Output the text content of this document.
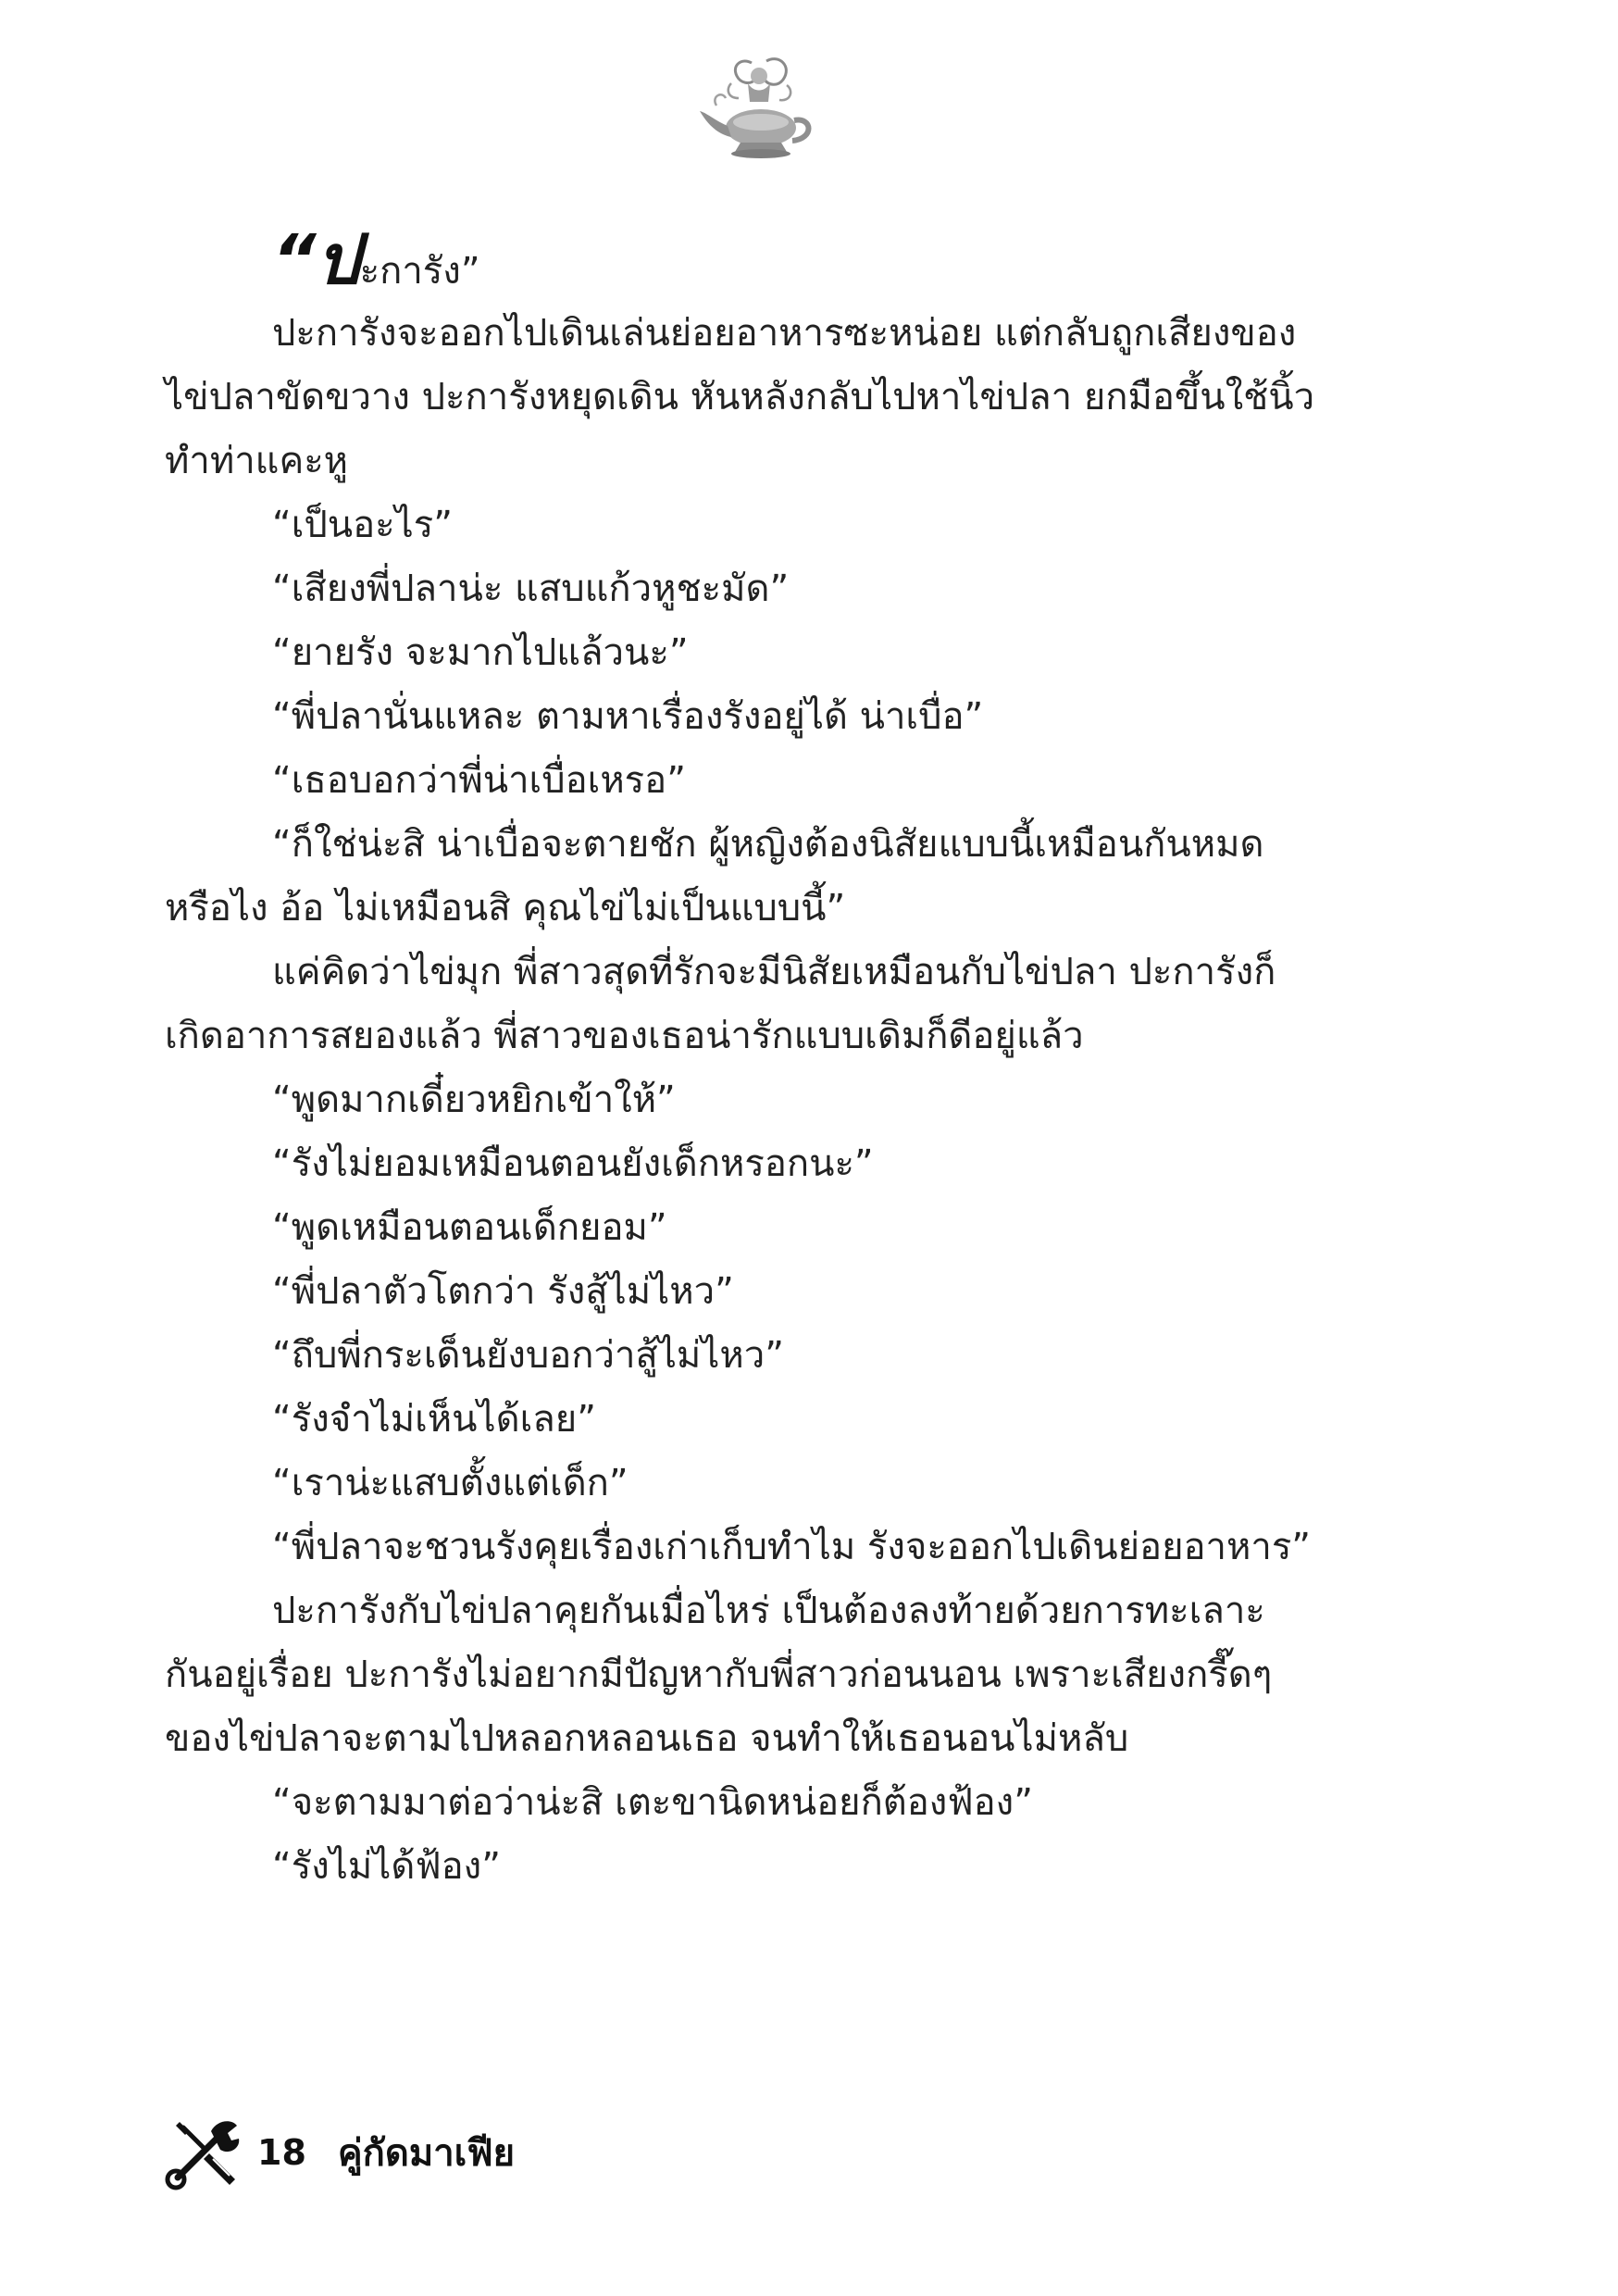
“ปะการัง”
ปะการังจะออกไปเดินเล่นย่อยอาหารซะหน่อย แต่กลับถูกเสียงของ
ไข่ปลาขัดขวาง ปะการังหยุดเดิน หันหลังกลับไปหาไข่ปลา ยกมือขึ้นใช้นิ้ว
ทำท่าแคะหู
“เป็นอะไร”
“เสียงพี่ปลาน่ะ แสบแก้วหูชะมัด”
“ยายรัง จะมากไปแล้วนะ”
“พี่ปลานั่นแหละ ตามหาเรื่องรังอยู่ได้ น่าเบื่อ”
“เธอบอกว่าพี่น่าเบื่อเหรอ”
“ก็ใช่น่ะสิ น่าเบื่อจะตายชัก ผู้หญิงต้องนิสัยแบบนี้เหมือนกันหมด
หรือไง อ้อ ไม่เหมือนสิ คุณไข่ไม่เป็นแบบนี้”
แค่คิดว่าไข่มุก พี่สาวสุดที่รักจะมีนิสัยเหมือนกับไข่ปลา ปะการังก็
เกิดอาการสยองแล้ว พี่สาวของเธอน่ารักแบบเดิมก็ดีอยู่แล้ว
“พูดมากเดี๋ยวหยิกเข้าให้”
“รังไม่ยอมเหมือนตอนยังเด็กหรอกนะ”
“พูดเหมือนตอนเด็กยอม”
“พี่ปลาตัวโตกว่า รังสู้ไม่ไหว”
“ถึบพี่กระเด็นยังบอกว่าสู้ไม่ไหว”
“รังจำไม่เห็นได้เลย”
“เราน่ะแสบตั้งแต่เด็ก”
“พี่ปลาจะชวนรังคุยเรื่องเก่าเก็บทำไม รังจะออกไปเดินย่อยอาหาร”
ปะการังกับไข่ปลาคุยกันเมื่อไหร่ เป็นต้องลงท้ายด้วยการทะเลาะ
กันอยู่เรื่อย ปะการังไม่อยากมีปัญหากับพี่สาวก่อนนอน เพราะเสียงกรี๊ดๆ
ของไข่ปลาจะตามไปหลอกหลอนเธอ จนทำให้เธอนอนไม่หลับ
“จะตามมาต่อว่าน่ะสิ เตะขานิดหน่อยก็ต้องฟ้อง”
“รังไม่ได้ฟ้อง”
18 คู่กัดมาเฟีย
